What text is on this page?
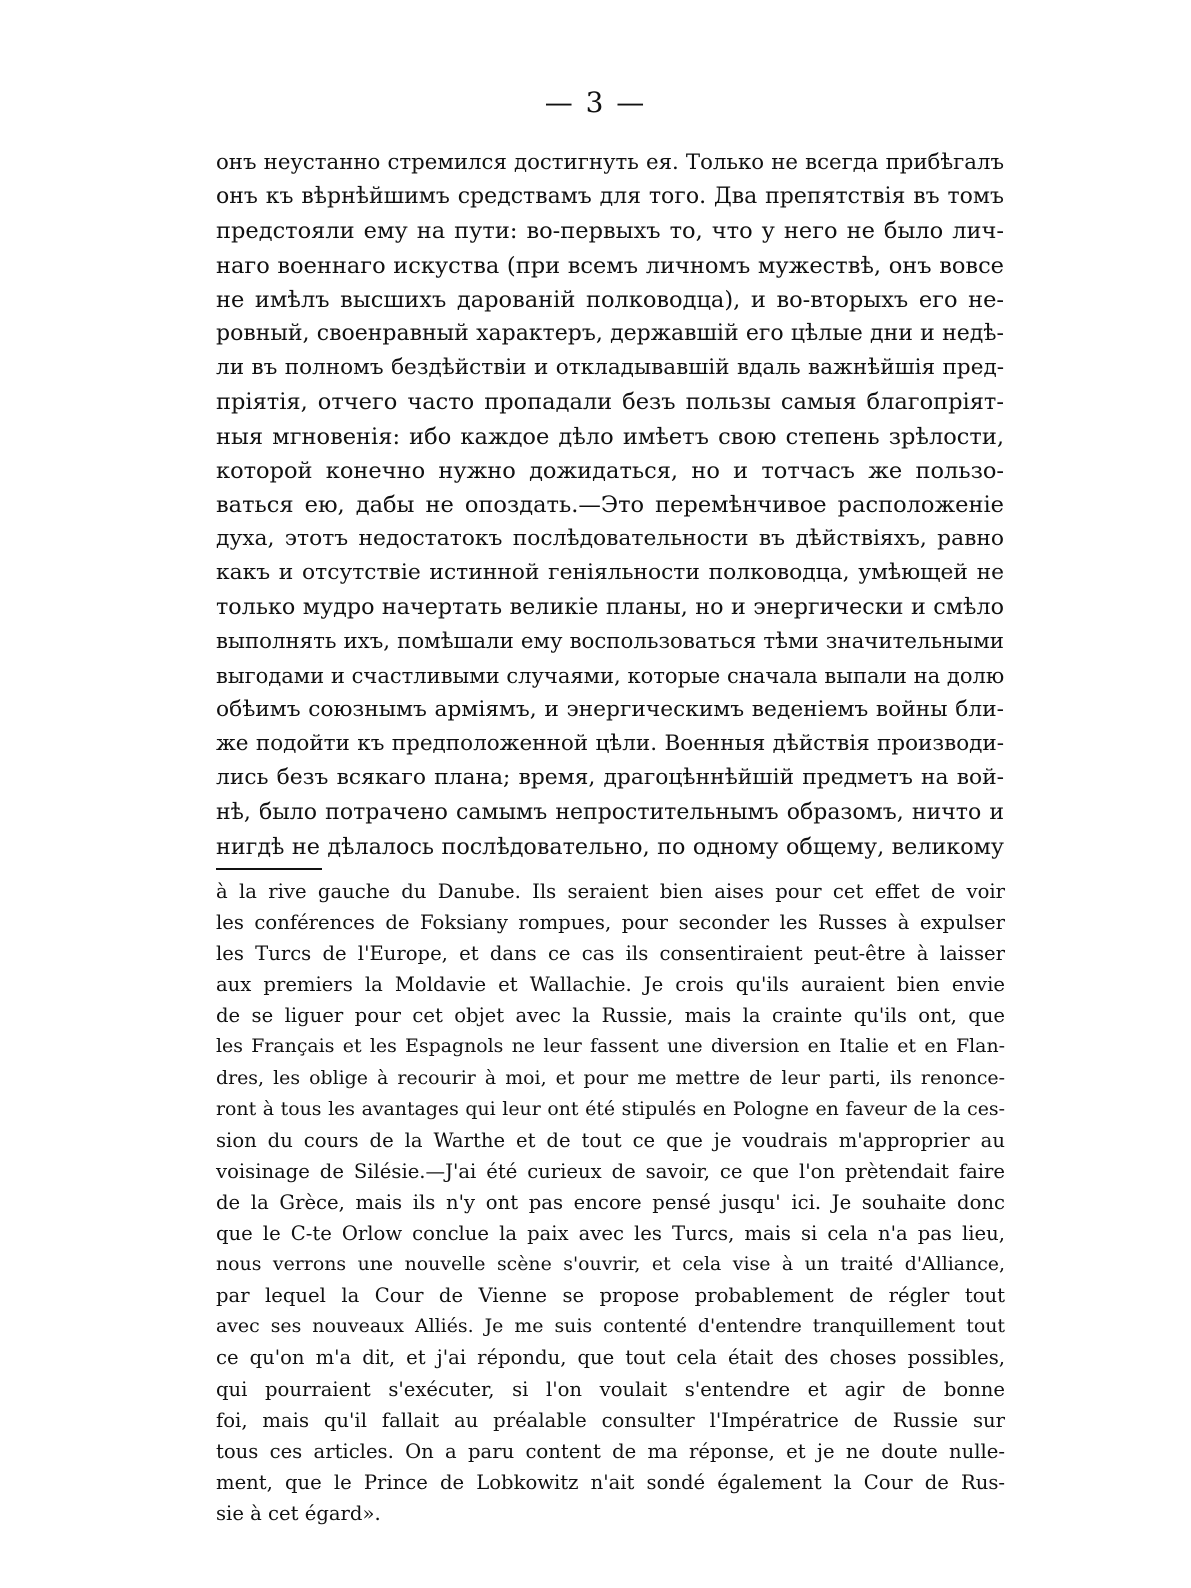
— 3 —
онъ неустанно стремился достигнуть ея. Только не всегда прибѣгалъ
онъ къ вѣрнѣйшимъ средствамъ для того. Два препятствія въ томъ
предстояли ему на пути: во-первыхъ то, что у него не было лич-
наго военнаго искуства (при всемъ личномъ мужествѣ, онъ вовсе
не имѣлъ высшихъ дарованій полководца), и во-вторыхъ его не-
ровный, своенравный характеръ, державшій его цѣлые дни и недѣ-
ли въ полномъ бездѣйствіи и откладывавшій вдаль важнѣйшія пред-
пріятія, отчего часто пропадали безъ пользы самыя благопріят-
ныя мгновенія: ибо каждое дѣло имѣетъ свою степень зрѣлости,
которой конечно нужно дожидаться, но и тотчасъ же пользо-
ваться ею, дабы не опоздать.—Это перемѣнчивое расположеніе
духа, этотъ недостатокъ послѣдовательности въ дѣйствіяхъ, равно
какъ и отсутствіе истинной геніяльности полководца, умѣющей не
только мудро начертать великіе планы, но и энергически и смѣло
выполнять ихъ, помѣшали ему воспользоваться тѣми значительными
выгодами и счастливыми случаями, которые сначала выпали на долю
обѣимъ союзнымъ арміямъ, и энергическимъ веденіемъ войны бли-
же подойти къ предположенной цѣли. Военныя дѣйствія производи-
лись безъ всякаго плана; время, драгоцѣннѣйшій предметъ на вой-
нѣ, было потрачено самымъ непростительнымъ образомъ, ничто и
нигдѣ не дѣлалось послѣдовательно, по одному общему, великому
à la rive gauche du Danube. Ils seraient bien aises pour cet effet de voir
les conférences de Foksiany rompues, pour seconder les Russes à expulser
les Turcs de l'Europe, et dans ce cas ils consentiraient peut-être à laisser
aux premiers la Moldavie et Wallachie. Je crois qu'ils auraient bien envie
de se liguer pour cet objet avec la Russie, mais la crainte qu'ils ont, que
les Français et les Espagnols ne leur fassent une diversion en Italie et en Flan-
dres, les oblige à recourir à moi, et pour me mettre de leur parti, ils renonce-
ront à tous les avantages qui leur ont été stipulés en Pologne en faveur de la ces-
sion du cours de la Warthe et de tout ce que je voudrais m'approprier au
voisinage de Silésie.—J'ai été curieux de savoir, ce que l'on prètendait faire
de la Grèce, mais ils n'y ont pas encore pensé jusqu' ici. Je souhaite donc
que le C-te Orlow conclue la paix avec les Turcs, mais si cela n'a pas lieu,
nous verrons une nouvelle scène s'ouvrir, et cela vise à un traité d'Alliance,
par lequel la Cour de Vienne se propose probablement de régler tout
avec ses nouveaux Alliés. Je me suis contenté d'entendre tranquillement tout
ce qu'on m'a dit, et j'ai répondu, que tout cela était des choses possibles,
qui pourraient s'exécuter, si l'on voulait s'entendre et agir de bonne
foi, mais qu'il fallait au préalable consulter l'Impératrice de Russie sur
tous ces articles. On a paru content de ma réponse, et je ne doute nulle-
ment, que le Prince de Lobkowitz n'ait sondé également la Cour de Rus-
sie à cet égard».
